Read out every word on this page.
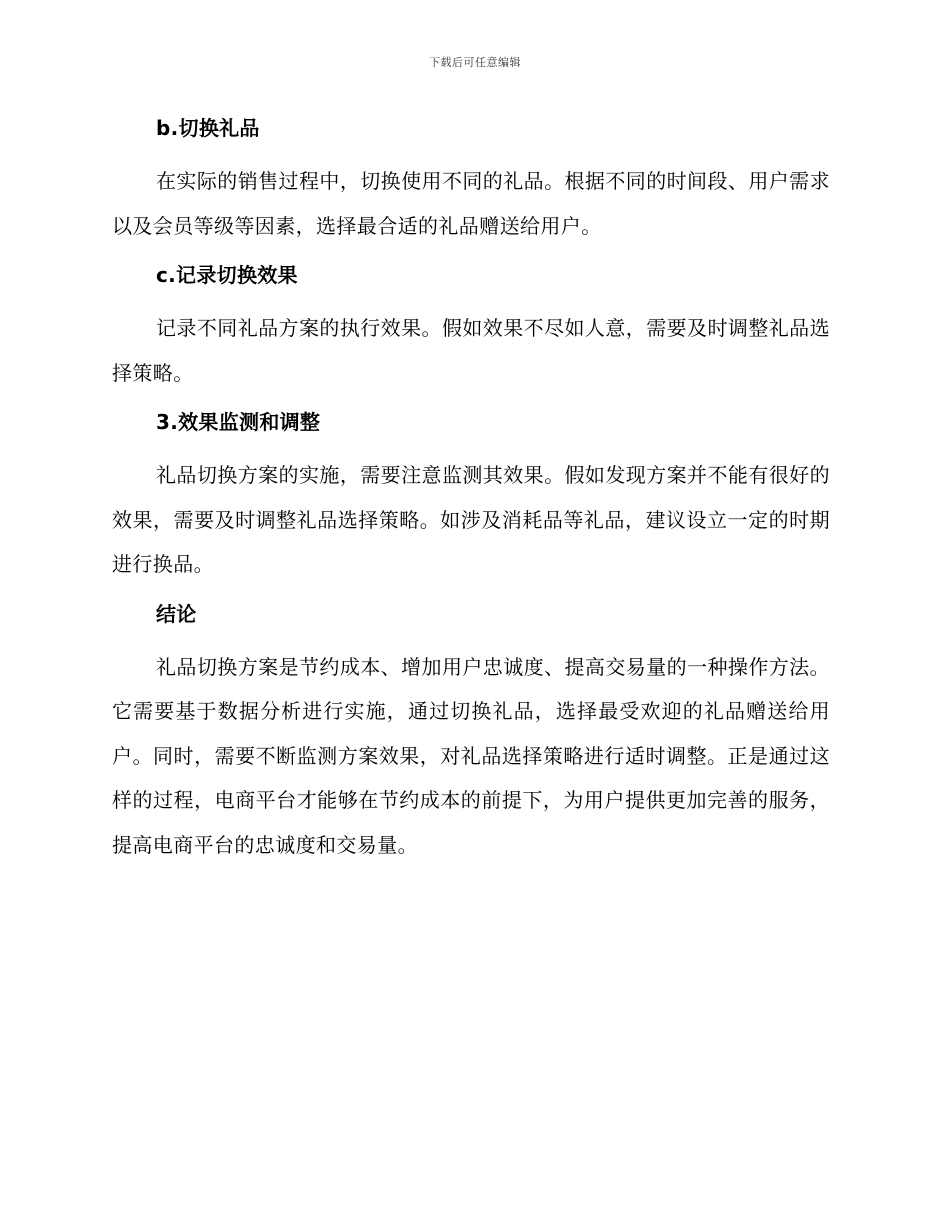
下载后可任意编辑
b.切换礼品

在实际的销售过程中，切换使用不同的礼品。根据不同的时间段、用户需求以及会员等级等因素，选择最合适的礼品赠送给用户。

c.记录切换效果

记录不同礼品方案的执行效果。假如效果不尽如人意，需要及时调整礼品选择策略。

3.效果监测和调整

礼品切换方案的实施，需要注意监测其效果。假如发现方案并不能有很好的效果，需要及时调整礼品选择策略。如涉及消耗品等礼品，建议设立一定的时期进行换品。

结论

礼品切换方案是节约成本、增加用户忠诚度、提高交易量的一种操作方法。它需要基于数据分析进行实施，通过切换礼品，选择最受欢迎的礼品赠送给用户。同时，需要不断监测方案效果，对礼品选择策略进行适时调整。正是通过这样的过程，电商平台才能够在节约成本的前提下，为用户提供更加完善的服务，提高电商平台的忠诚度和交易量。
